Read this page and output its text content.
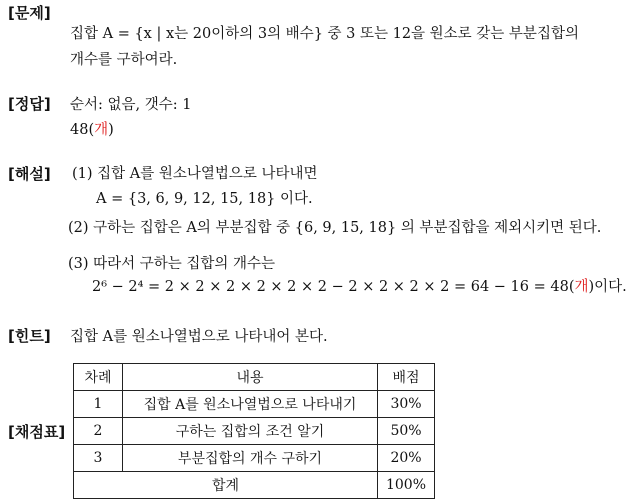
[문제]
집합 A = {x | x는 20이하의 3의 배수} 중 3 또는 12을 원소로 갖는 부분집합의
개수를 구하여라.
[정답] 순서: 없음, 갯수: 1
48(개)
[해설] (1) 집합 A를 원소나열법으로 나타내면
A = {3, 6, 9, 12, 15, 18} 이다.
(2) 구하는 집합은 A의 부분집합 중 {6, 9, 15, 18} 의 부분집합을 제외시키면 된다.
(3) 따라서 구하는 집합의 개수는
2⁶ − 2⁴ = 2 × 2 × 2 × 2 × 2 × 2 − 2 × 2 × 2 × 2 = 64 − 16 = 48(개)이다.
[힌트] 집합 A를 원소나열법으로 나타내어 본다.
[채점표]
차례	내용	배점
1	집합 A를 원소나열법으로 나타내기	30%
2	구하는 집합의 조건 알기	50%
3	부분집합의 개수 구하기	20%
합계		100%
